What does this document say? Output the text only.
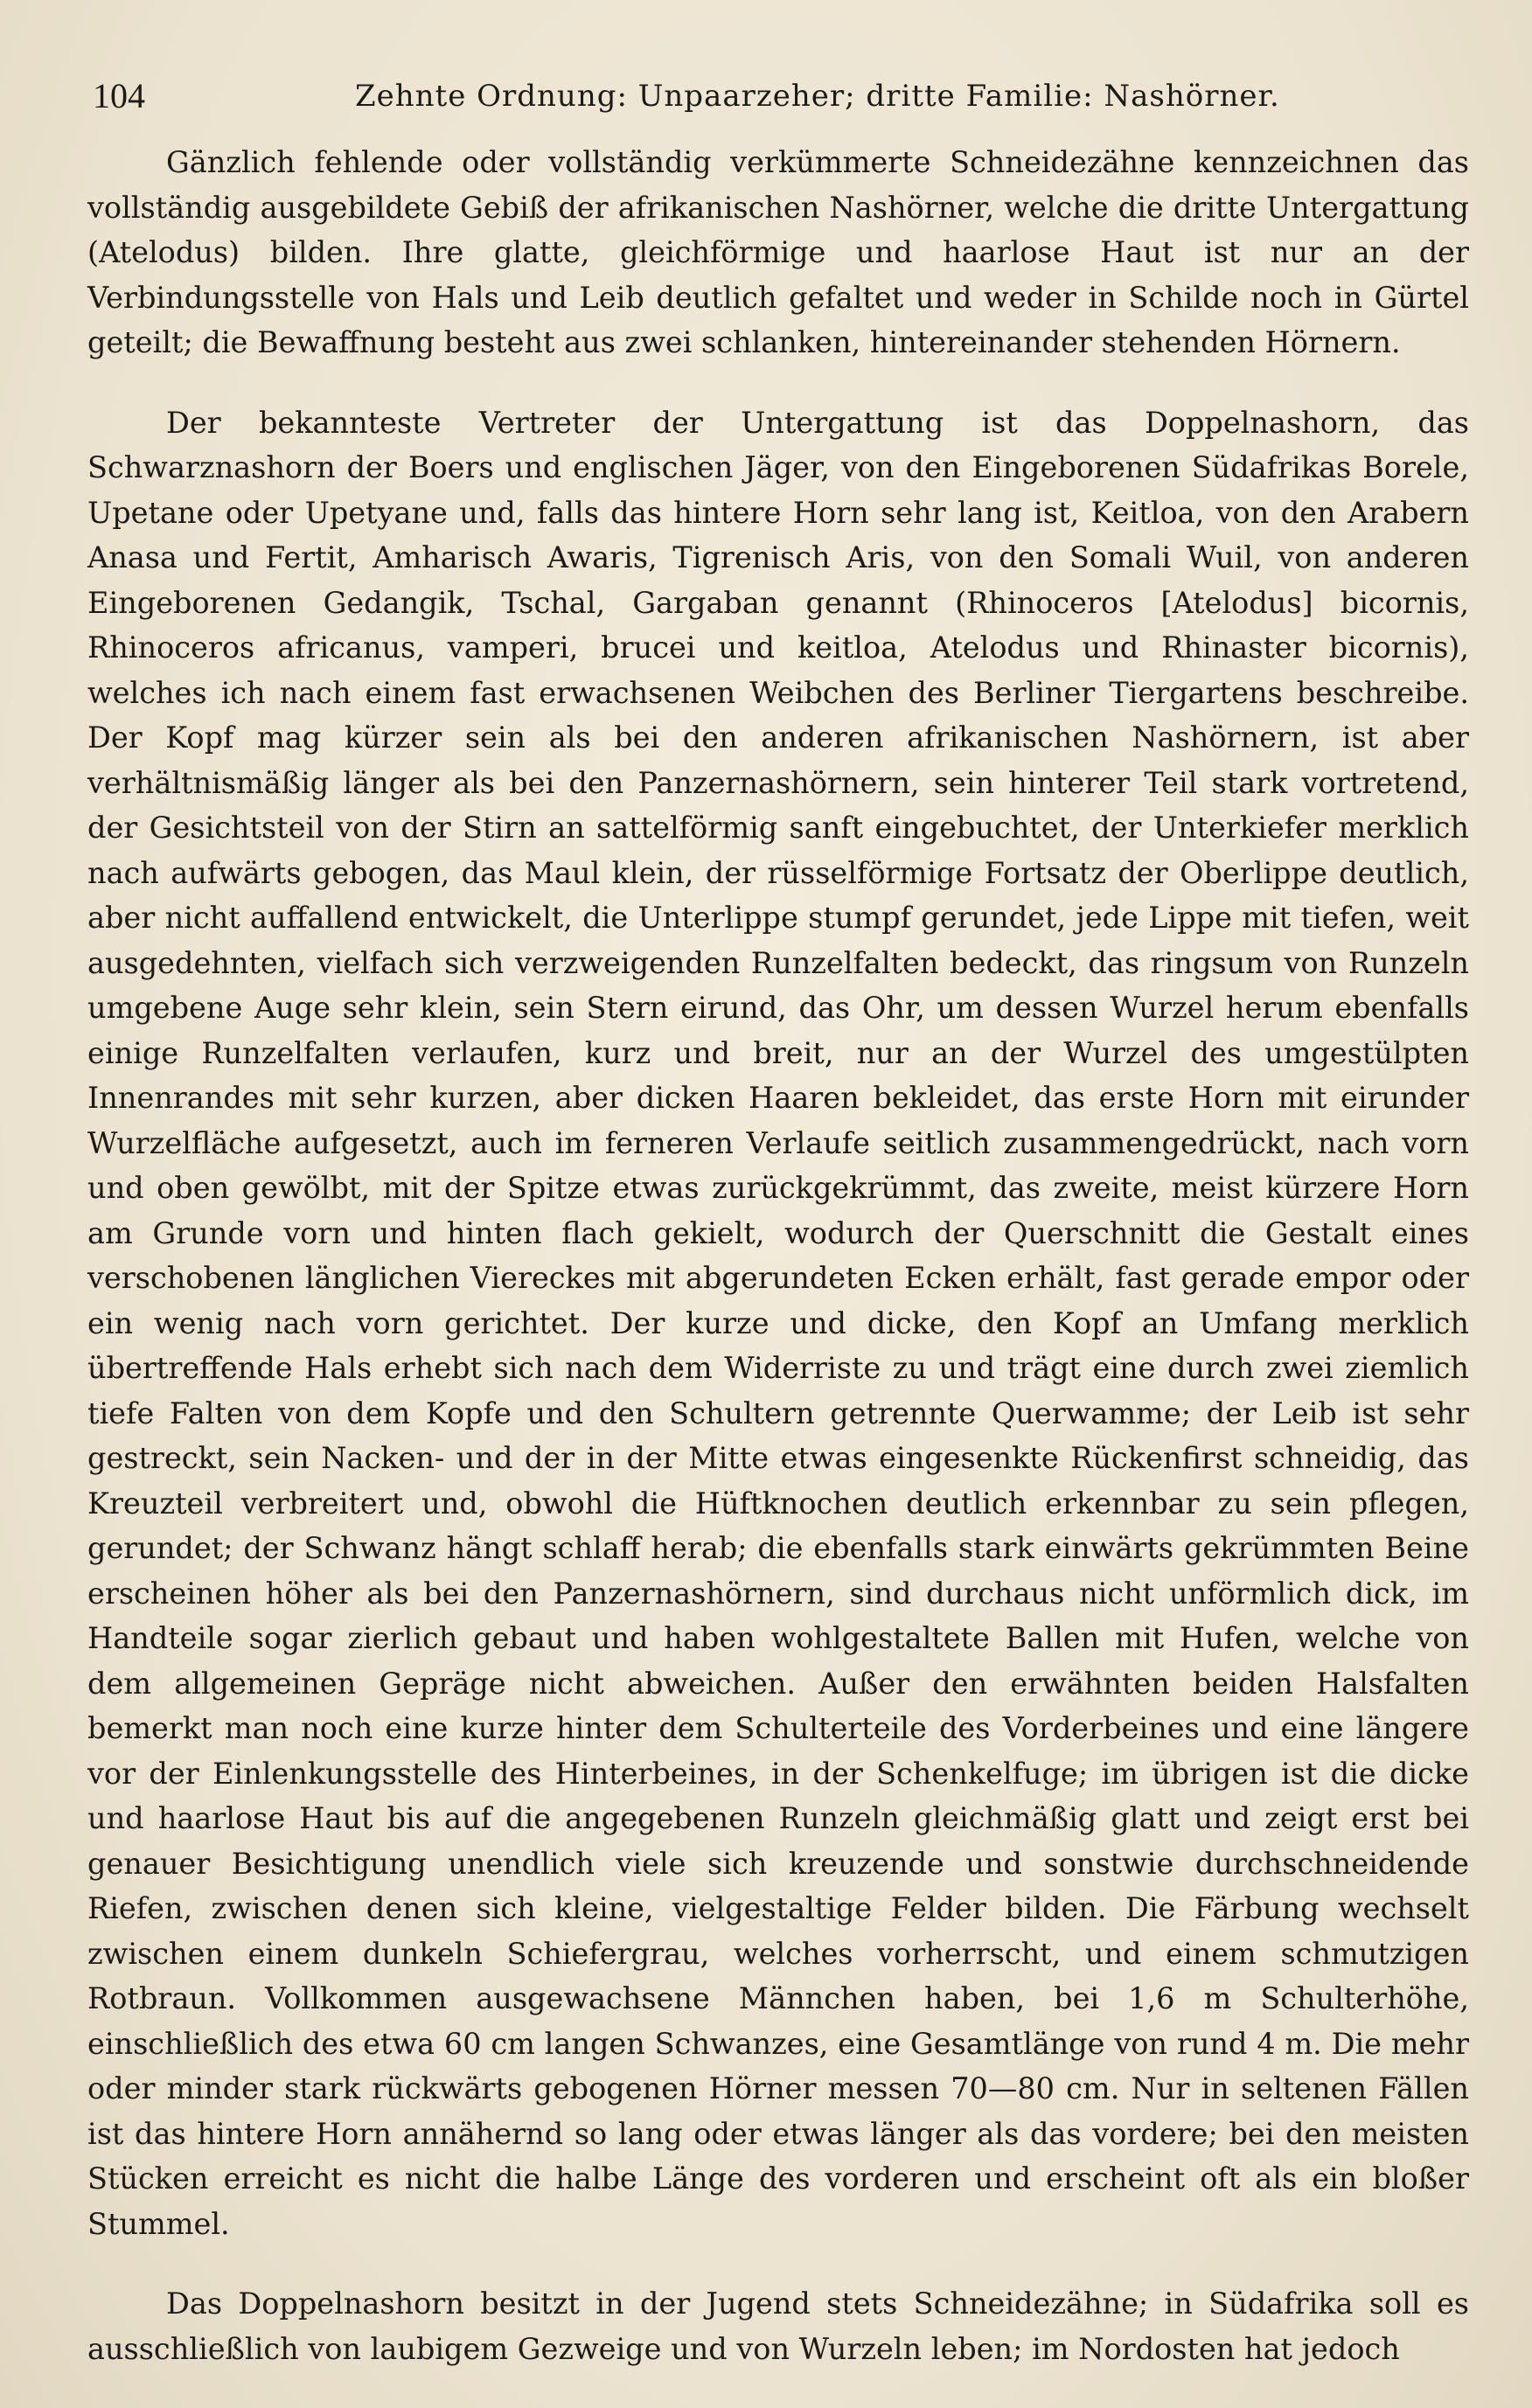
104	Zehnte Ordnung: Unpaarzeher; dritte Familie: Nashörner.

Gänzlich fehlende oder vollständig verkümmerte Schneidezähne kennzeichnen das vollständig ausgebildete Gebiß der afrikanischen Nashörner, welche die dritte Untergattung (Atelodus) bilden. Ihre glatte, gleichförmige und haarlose Haut ist nur an der Verbindungsstelle von Hals und Leib deutlich gefaltet und weder in Schilde noch in Gürtel geteilt; die Bewaffnung besteht aus zwei schlanken, hintereinander stehenden Hörnern.

Der bekannteste Vertreter der Untergattung ist das Doppelnashorn, das Schwarznashorn der Boers und englischen Jäger, von den Eingeborenen Südafrikas Borele, Upetane oder Upetyane und, falls das hintere Horn sehr lang ist, Keitloa, von den Arabern Anasa und Fertit, Amharisch Awaris, Tigrenisch Aris, von den Somali Wuil, von anderen Eingeborenen Gedangik, Tschal, Gargaban genannt (Rhinoceros [Atelodus] bicornis, Rhinoceros africanus, vamperi, brucei und keitloa, Atelodus und Rhinaster bicornis), welches ich nach einem fast erwachsenen Weibchen des Berliner Tiergartens beschreibe. Der Kopf mag kürzer sein als bei den anderen afrikanischen Nashörnern, ist aber verhältnismäßig länger als bei den Panzernashörnern, sein hinterer Teil stark vortretend, der Gesichtsteil von der Stirn an sattelförmig sanft eingebuchtet, der Unterkiefer merklich nach aufwärts gebogen, das Maul klein, der rüsselförmige Fortsatz der Oberlippe deutlich, aber nicht auffallend entwickelt, die Unterlippe stumpf gerundet, jede Lippe mit tiefen, weit ausgedehnten, vielfach sich verzweigenden Runzelfalten bedeckt, das ringsum von Runzeln umgebene Auge sehr klein, sein Stern eirund, das Ohr, um dessen Wurzel herum ebenfalls einige Runzelfalten verlaufen, kurz und breit, nur an der Wurzel des umgestülpten Innenrandes mit sehr kurzen, aber dicken Haaren bekleidet, das erste Horn mit eirunder Wurzelfläche aufgesetzt, auch im ferneren Verlaufe seitlich zusammengedrückt, nach vorn und oben gewölbt, mit der Spitze etwas zurückgekrümmt, das zweite, meist kürzere Horn am Grunde vorn und hinten flach gekielt, wodurch der Querschnitt die Gestalt eines verschobenen länglichen Viereckes mit abgerundeten Ecken erhält, fast gerade empor oder ein wenig nach vorn gerichtet. Der kurze und dicke, den Kopf an Umfang merklich übertreffende Hals erhebt sich nach dem Widerriste zu und trägt eine durch zwei ziemlich tiefe Falten von dem Kopfe und den Schultern getrennte Querwamme; der Leib ist sehr gestreckt, sein Nacken- und der in der Mitte etwas eingesenkte Rückenfirst schneidig, das Kreuzteil verbreitert und, obwohl die Hüftknochen deutlich erkennbar zu sein pflegen, gerundet; der Schwanz hängt schlaff herab; die ebenfalls stark einwärts gekrümmten Beine erscheinen höher als bei den Panzernashörnern, sind durchaus nicht unförmlich dick, im Handteile sogar zierlich gebaut und haben wohlgestaltete Ballen mit Hufen, welche von dem allgemeinen Gepräge nicht abweichen. Außer den erwähnten beiden Halsfalten bemerkt man noch eine kurze hinter dem Schulterteile des Vorderbeines und eine längere vor der Einlenkungsstelle des Hinterbeines, in der Schenkelfuge; im übrigen ist die dicke und haarlose Haut bis auf die angegebenen Runzeln gleichmäßig glatt und zeigt erst bei genauer Besichtigung unendlich viele sich kreuzende und sonstwie durchschneidende Riefen, zwischen denen sich kleine, vielgestaltige Felder bilden. Die Färbung wechselt zwischen einem dunkeln Schiefergrau, welches vorherrscht, und einem schmutzigen Rotbraun. Vollkommen ausgewachsene Männchen haben, bei 1,6 m Schulterhöhe, einschließlich des etwa 60 cm langen Schwanzes, eine Gesamtlänge von rund 4 m. Die mehr oder minder stark rückwärts gebogenen Hörner messen 70—80 cm. Nur in seltenen Fällen ist das hintere Horn annähernd so lang oder etwas länger als das vordere; bei den meisten Stücken erreicht es nicht die halbe Länge des vorderen und erscheint oft als ein bloßer Stummel.

Das Doppelnashorn besitzt in der Jugend stets Schneidezähne; in Südafrika soll es ausschließlich von laubigem Gezweige und von Wurzeln leben; im Nordosten hat jedoch
